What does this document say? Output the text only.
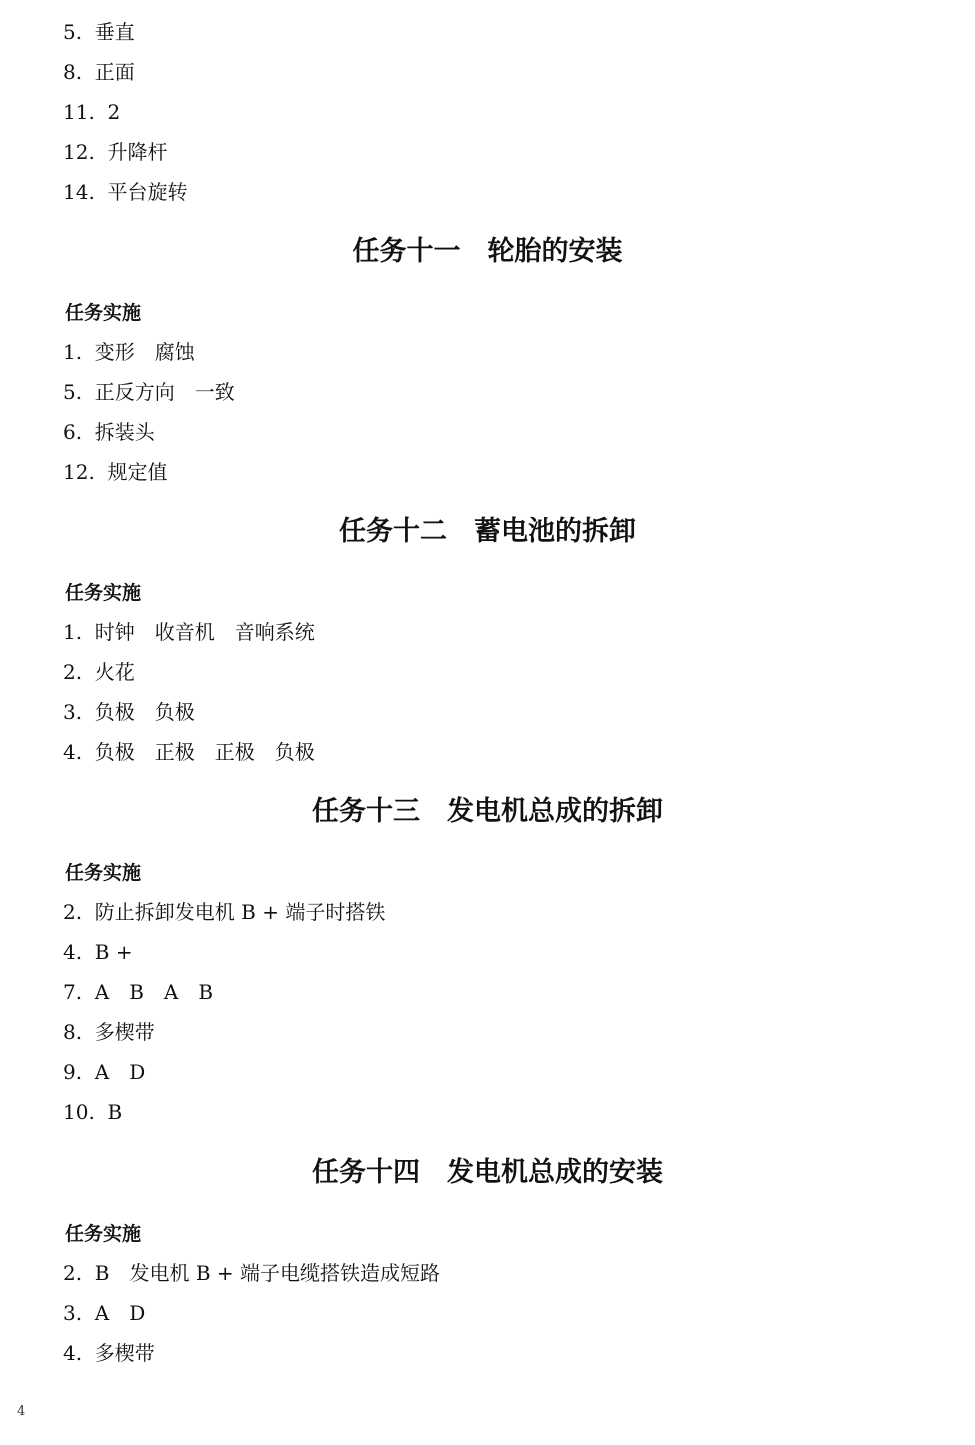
5.  垂直
8.  正面
11.  2
12.  升降杆
14.  平台旋转
任务十一　轮胎的安装
任务实施
1.  变形　腐蚀
5.  正反方向　一致
6.  拆装头
12.  规定值
任务十二　蓄电池的拆卸
任务实施
1.  时钟　收音机　音响系统
2.  火花
3.  负极　负极
4.  负极　正极　正极　负极
任务十三　发电机总成的拆卸
任务实施
2.  防止拆卸发电机 B + 端子时搭铁
4.  B +
7.  A　B　A　B
8.  多楔带
9.  A　D
10.  B
任务十四　发电机总成的安装
任务实施
2.  B　发电机 B + 端子电缆搭铁造成短路
3.  A　D
4.  多楔带
4
